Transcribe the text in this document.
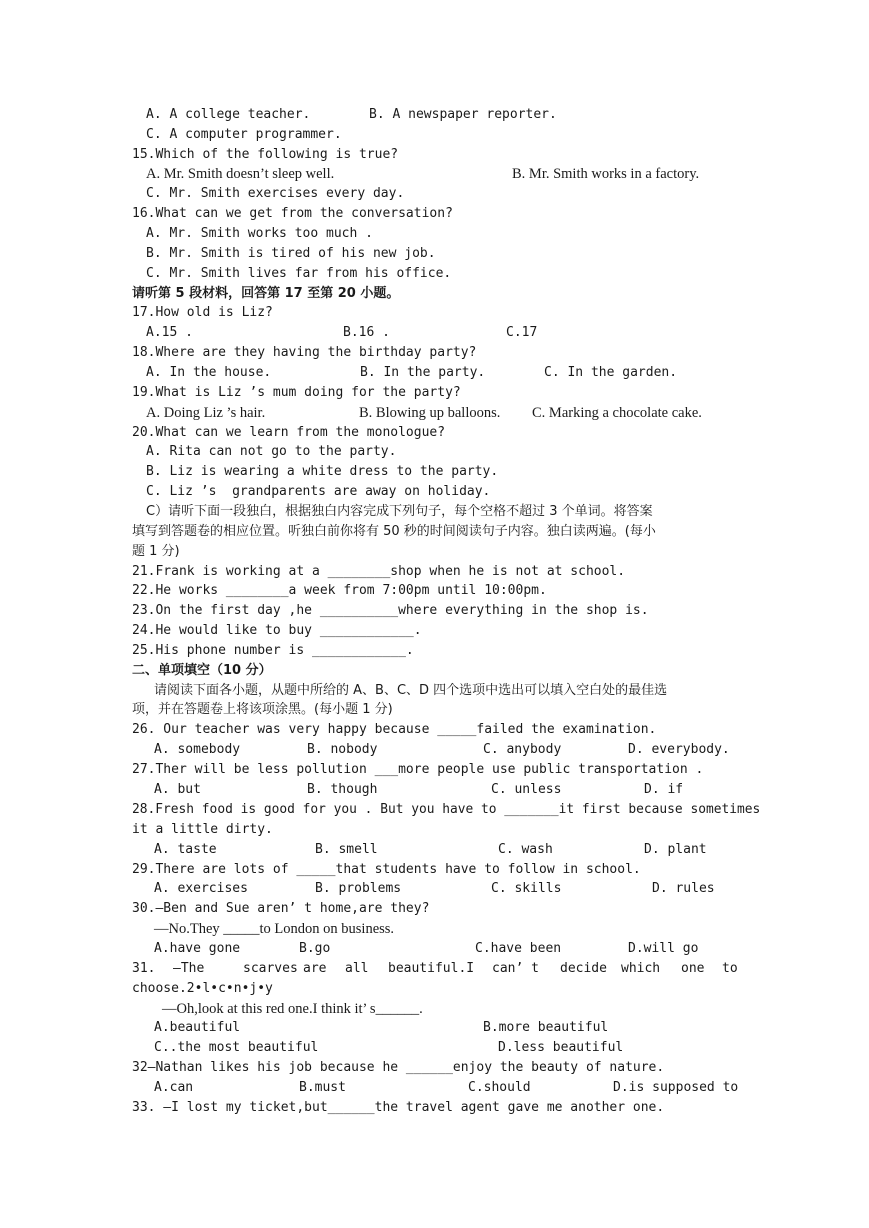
A. A college teacher.	B. A newspaper reporter.
C. A computer programmer.
15.Which of the following is true?
A. Mr. Smith doesn’t sleep well.	B. Mr. Smith works in a factory.
C. Mr. Smith exercises every day.
16.What can we get from the conversation?
A. Mr. Smith works too much .
B. Mr. Smith is tired of his new job.
C. Mr. Smith lives far from his office.
请听第 5 段材料，回答第 17 至第 20 小题。
17.How old is Liz?
A.15 .	B.16 .	C.17
18.Where are they having the birthday party?
A. In the house.	B. In the party.	C. In the garden.
19.What is Liz ’s mum doing for the party?
A. Doing Liz ’s hair.	B. Blowing up balloons. C. Marking a chocolate cake.
20.What can we learn from the monologue?
A. Rita can not go to the party.
B. Liz is wearing a white dress to the party.
C. Liz ’s  grandparents are away on holiday.
C）请听下面一段独白，根据独白内容完成下列句子，每个空格不超过 3 个单词。将答案
填写到答题卷的相应位置。听独白前你将有 50 秒的时间阅读句子内容。独白读两遍。(每小
题 1 分)
21.Frank is working at a ________shop when he is not at school.
22.He works ________a week from 7:00pm until 10:00pm.
23.On the first day ,he __________where everything in the shop is.
24.He would like to buy ____________.
25.His phone number is ____________.
二、单项填空（10 分）
请阅读下面各小题，从题中所给的 A、B、C、D 四个选项中选出可以填入空白处的最佳选
项，并在答题卷上将该项涂黑。(每小题 1 分)
26. Our teacher was very happy because _____failed the examination.
A. somebody	B. nobody	C. anybody	D. everybody.
27.Ther will be less pollution ___more people use public transportation .
A. but	B. though	C. unless	D. if
28.Fresh food is good for you . But you have to _______it first because sometimes
it a little dirty.
A. taste	B. smell	C. wash	D. plant
29.There are lots of _____that students have to follow in school.
A. exercises	B. problems	C. skills	D. rules
30.—Ben and Sue aren’ t home,are they?
—No.They _____to London on business.
A.have gone	B.go	C.have been	D.will go
31. —The	scarves are all beautiful.I can’ t decide which one to
choose.2•l•c•n•j•y
—Oh,look at this red one.I think it’ s______.
A.beautiful	B.more beautiful
C..the most beautiful	D.less beautiful
32—Nathan likes his job because he ______enjoy the beauty of nature.
A.can	B.must	C.should	D.is supposed to
33. —I lost my ticket,but______the travel agent gave me another one.
